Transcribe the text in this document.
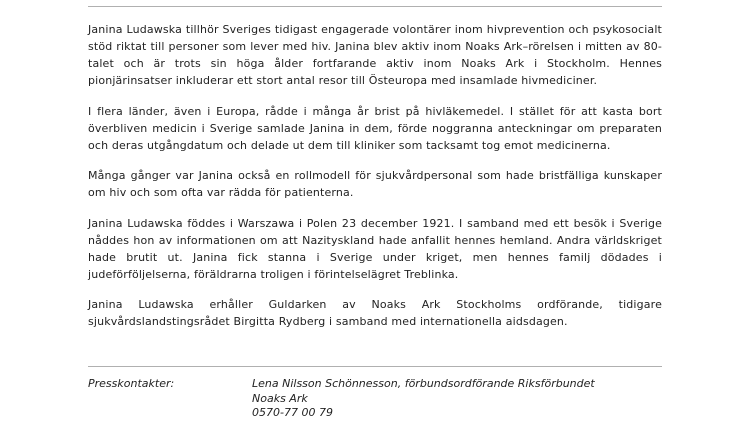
Janina Ludawska tillhör Sveriges tidigast engagerade volontärer inom hivprevention och psykosocialt stöd riktat till personer som lever med hiv. Janina blev aktiv inom Noaks Ark–rörelsen i mitten av 80-talet och är trots sin höga ålder fortfarande aktiv inom Noaks Ark i Stockholm. Hennes pionjärinsatser inkluderar ett stort antal resor till Östeuropa med insamlade hivmediciner.

I flera länder, även i Europa, rådde i många år brist på hivläkemedel. I stället för att kasta bort överbliven medicin i Sverige samlade Janina in dem, förde noggranna anteckningar om preparaten och deras utgångdatum och delade ut dem till kliniker som tacksamt tog emot medicinerna.

Många gånger var Janina också en rollmodell för sjukvårdpersonal som hade bristfälliga kunskaper om hiv och som ofta var rädda för patienterna.

Janina Ludawska föddes i Warszawa i Polen 23 december 1921. I samband med ett besök i Sverige nåddes hon av informationen om att Nazityskland hade anfallit hennes hemland. Andra världskriget hade brutit ut. Janina fick stanna i Sverige under kriget, men hennes familj dödades i judeförföljelserna, föräldrarna troligen i förintelselägret Treblinka.

Janina Ludawska erhåller Guldarken av Noaks Ark Stockholms ordförande, tidigare sjukvårdslandstingsrådet Birgitta Rydberg i samband med internationella aidsdagen.

Presskontakter:	Lena Nilsson Schönnesson, förbundsordförande Riksförbundet
Noaks Ark
0570-77 00 79
